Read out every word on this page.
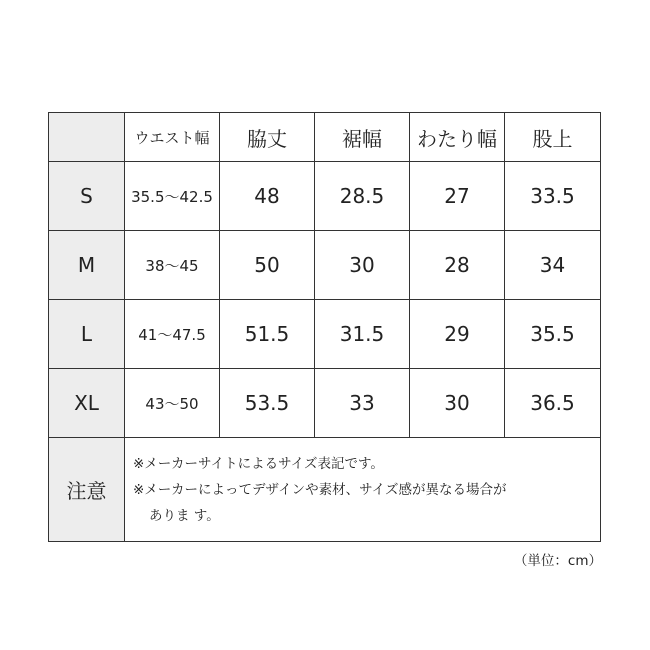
	ウエスト幅	脇丈	裾幅	わたり幅	股上
S	35.5～42.5	48	28.5	27	33.5
M	38～45	50	30	28	34
L	41～47.5	51.5	31.5	29	35.5
XL	43～50	53.5	33	30	36.5
注意	※メーカーサイトによるサイズ表記です。
※メーカーによってデザインや素材、サイズ感が異なる場合が
ありま す。				
（単位：cm）
